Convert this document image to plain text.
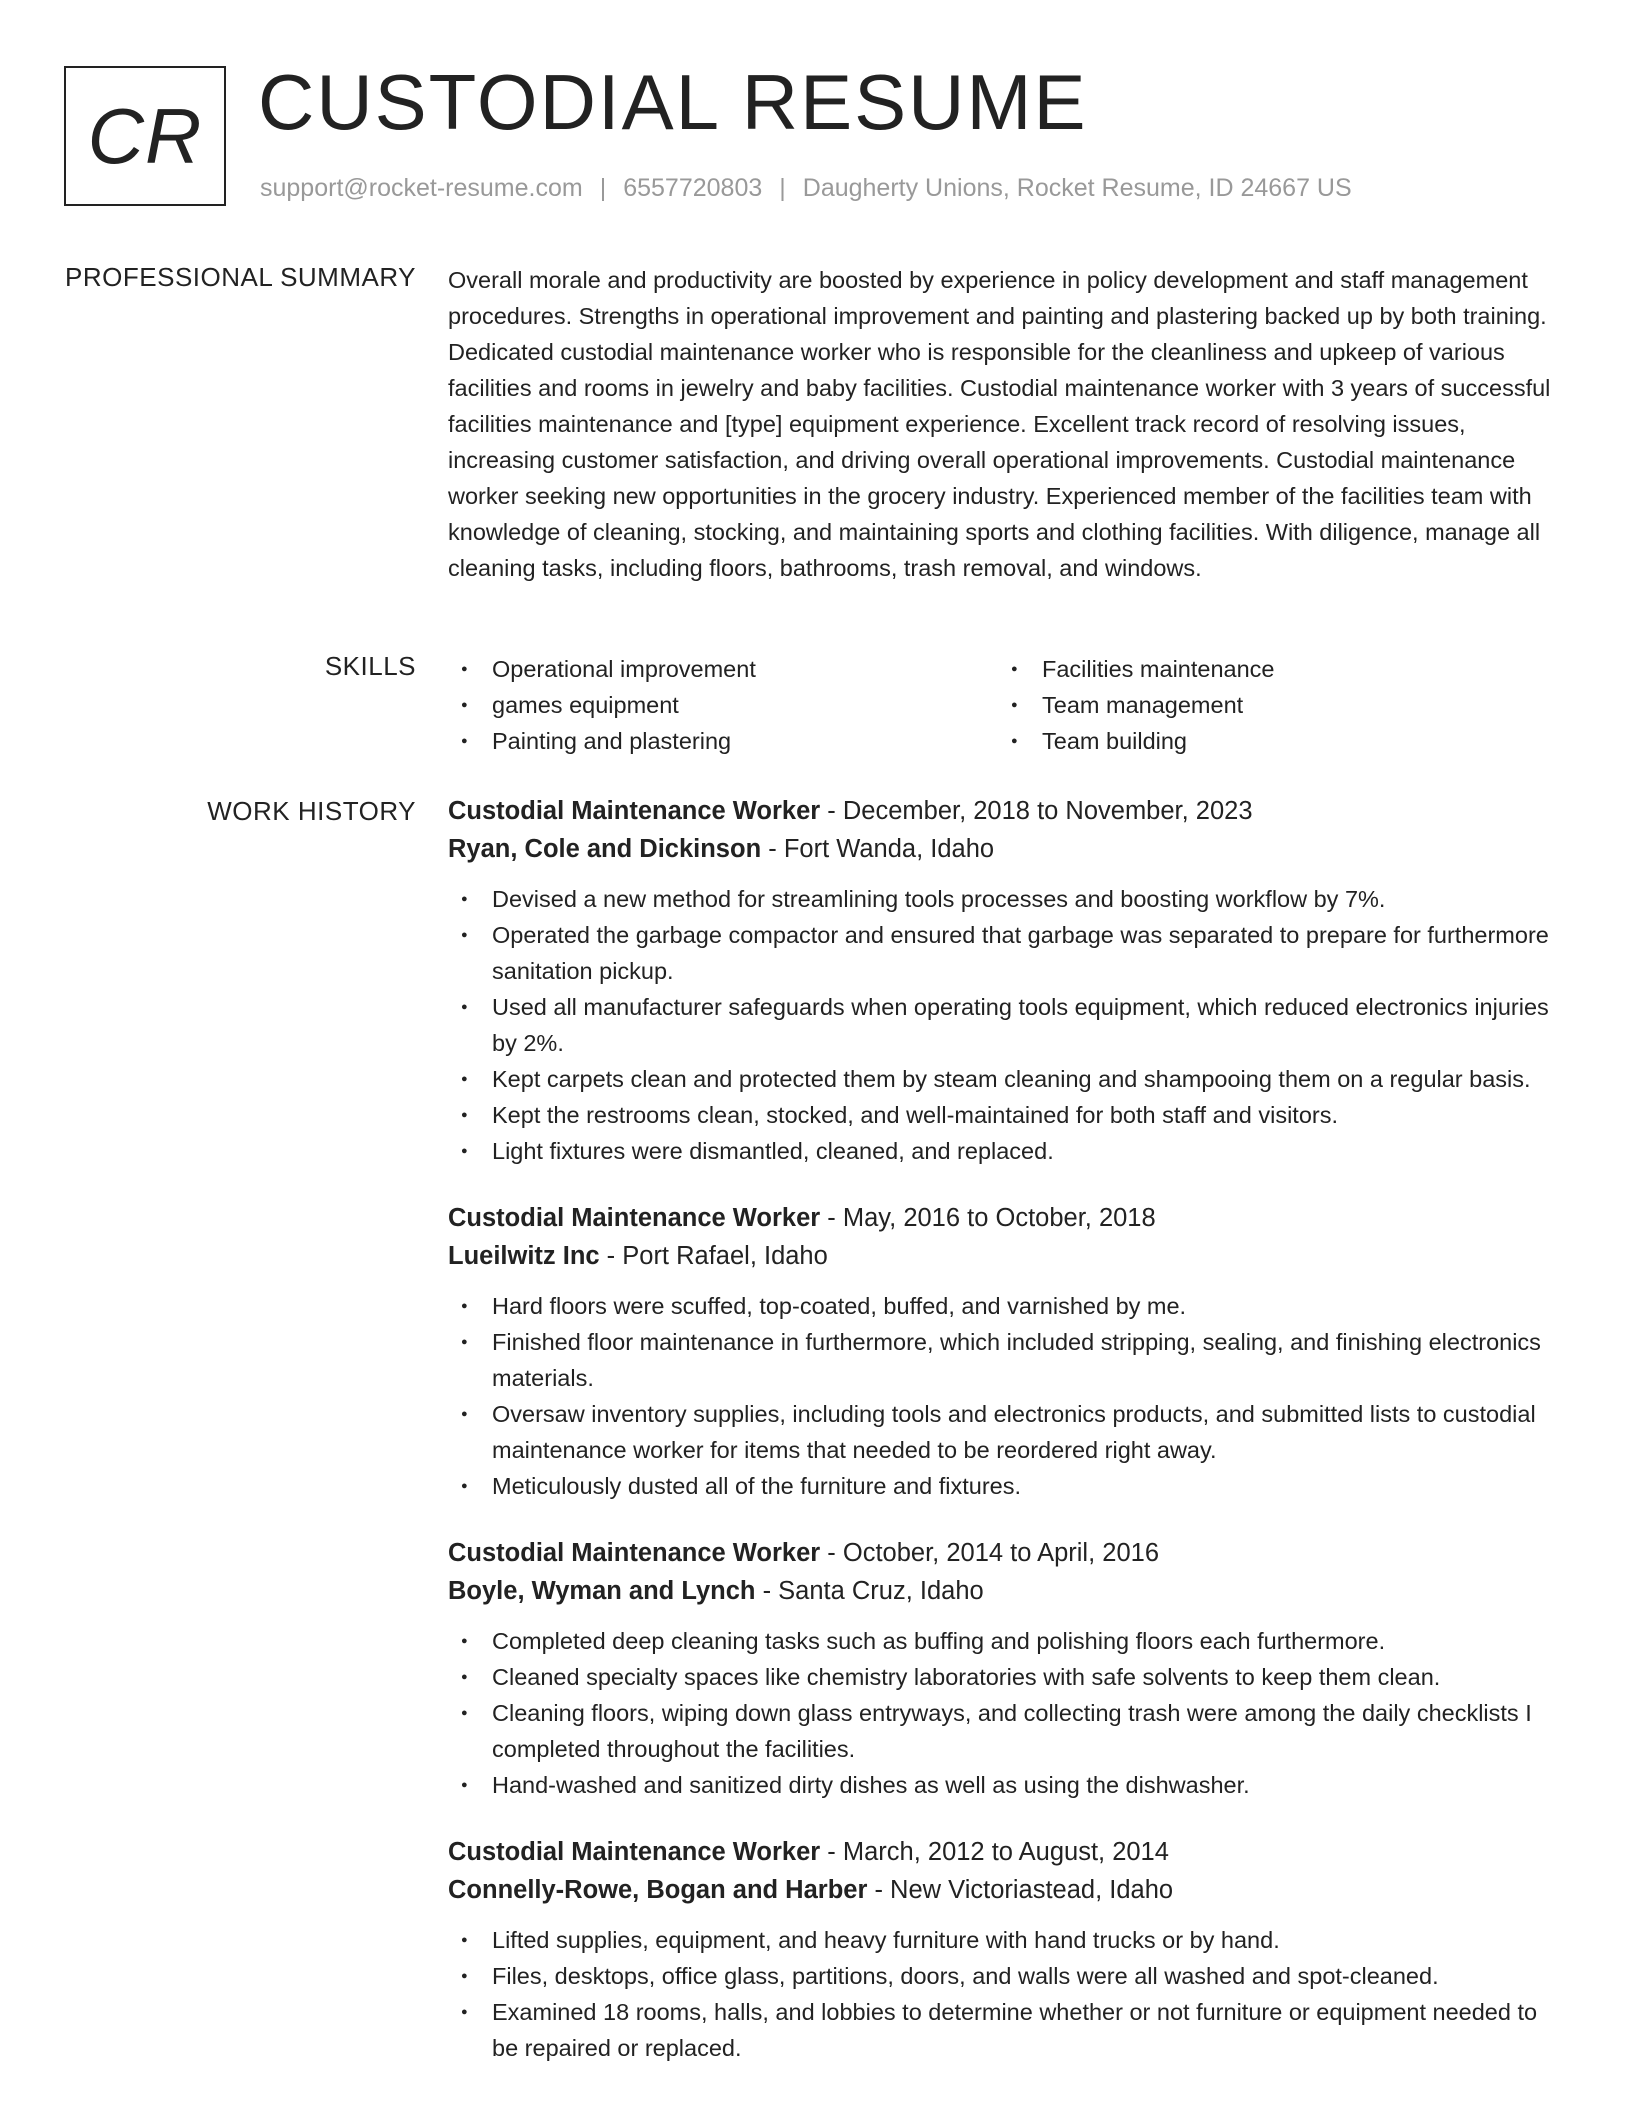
CR CUSTODIAL RESUME
support@rocket-resume.com | 6557720803 | Daugherty Unions, Rocket Resume, ID 24667 US
PROFESSIONAL SUMMARY Overall morale and productivity are boosted by experience in policy development and staff management procedures. Strengths in operational improvement and painting and plastering backed up by both training. Dedicated custodial maintenance worker who is responsible for the cleanliness and upkeep of various facilities and rooms in jewelry and baby facilities. Custodial maintenance worker with 3 years of successful facilities maintenance and [type] equipment experience. Excellent track record of resolving issues, increasing customer satisfaction, and driving overall operational improvements. Custodial maintenance worker seeking new opportunities in the grocery industry. Experienced member of the facilities team with knowledge of cleaning, stocking, and maintaining sports and clothing facilities. With diligence, manage all cleaning tasks, including floors, bathrooms, trash removal, and windows.

SKILLS	● Operational improvement	● Facilities maintenance
● games equipment	● Team management
● Painting and plastering	● Team building
WORK HISTORY Custodial Maintenance Worker - December, 2018 to November, 2023
Ryan, Cole and Dickinson - Fort Wanda, Idaho
● Devised a new method for streamlining tools processes and boosting workflow by 7%.
● Operated the garbage compactor and ensured that garbage was separated to prepare for furthermore sanitation pickup.
● Used all manufacturer safeguards when operating tools equipment, which reduced electronics injuries by 2%.
● Kept carpets clean and protected them by steam cleaning and shampooing them on a regular basis.
● Kept the restrooms clean, stocked, and well-maintained for both staff and visitors.
● Light fixtures were dismantled, cleaned, and replaced.
Custodial Maintenance Worker - May, 2016 to October, 2018
Lueilwitz Inc - Port Rafael, Idaho
● Hard floors were scuffed, top-coated, buffed, and varnished by me.
● Finished floor maintenance in furthermore, which included stripping, sealing, and finishing electronics materials.
● Oversaw inventory supplies, including tools and electronics products, and submitted lists to custodial maintenance worker for items that needed to be reordered right away.
● Meticulously dusted all of the furniture and fixtures.
Custodial Maintenance Worker - October, 2014 to April, 2016
Boyle, Wyman and Lynch - Santa Cruz, Idaho
● Completed deep cleaning tasks such as buffing and polishing floors each furthermore.
● Cleaned specialty spaces like chemistry laboratories with safe solvents to keep them clean.
● Cleaning floors, wiping down glass entryways, and collecting trash were among the daily checklists I completed throughout the facilities.
● Hand-washed and sanitized dirty dishes as well as using the dishwasher.
Custodial Maintenance Worker - March, 2012 to August, 2014
Connelly-Rowe, Bogan and Harber - New Victoriastead, Idaho
● Lifted supplies, equipment, and heavy furniture with hand trucks or by hand.
● Files, desktops, office glass, partitions, doors, and walls were all washed and spot-cleaned.
● Examined 18 rooms, halls, and lobbies to determine whether or not furniture or equipment needed to be repaired or replaced.
